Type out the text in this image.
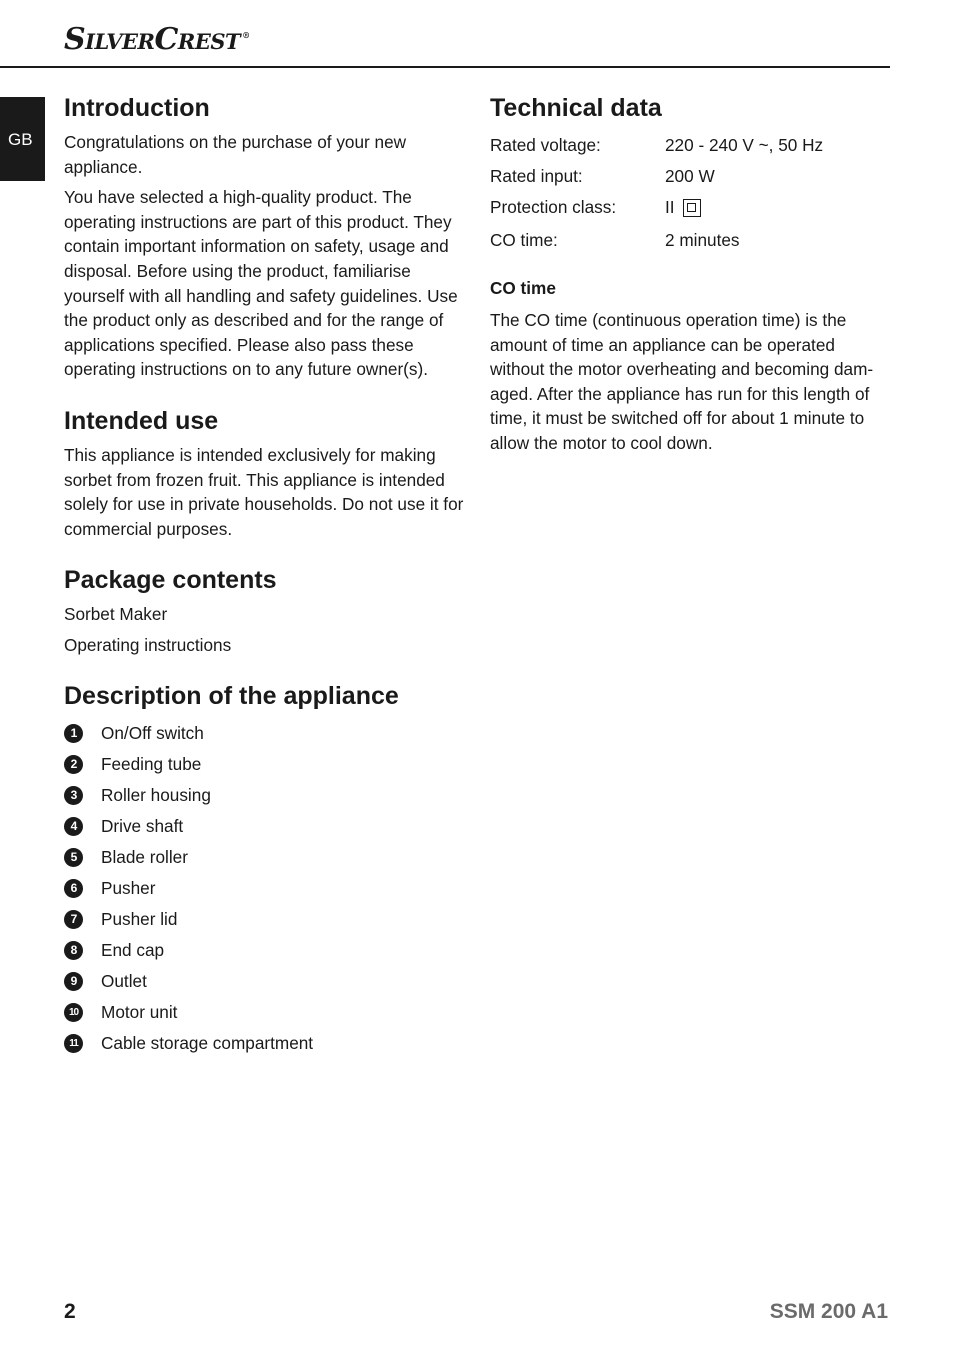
SilverCrest ®
GB
Introduction

Congratulations on the purchase of your new appliance.

You have selected a high-quality product. The operating instructions are part of this product. They contain important information on safety, usage and disposal. Before using the product, familiarise yourself with all handling and safety guidelines. Use the product only as described and for the range of applications specified. Please also pass these operating instructions on to any future owner(s).

Intended use

This appliance is intended exclusively for making sorbet from frozen fruit. This appliance is intended solely for use in private households. Do not use it for commercial purposes.

Package contents

Sorbet Maker

Operating instructions

Description of the appliance
1	On/Off switch
2	Feeding tube
3	Roller housing
4	Drive shaft
5	Blade roller
6	Pusher
7	Pusher lid
8	End cap
9	Outlet
10 Motor unit
11	Cable storage compartment
Technical data
Rated voltage:	220 - 240 V ~, 50 Hz
Rated input:	200 W
Protection class:	II
CO time:	2 minutes
CO time

The CO time (continuous operation time) is the amount of time an appliance can be operated without the motor overheating and becoming dam-aged. After the appliance has run for this length of time, it must be switched off for about 1 minute to allow the motor to cool down.

2	SSM 200 A1
